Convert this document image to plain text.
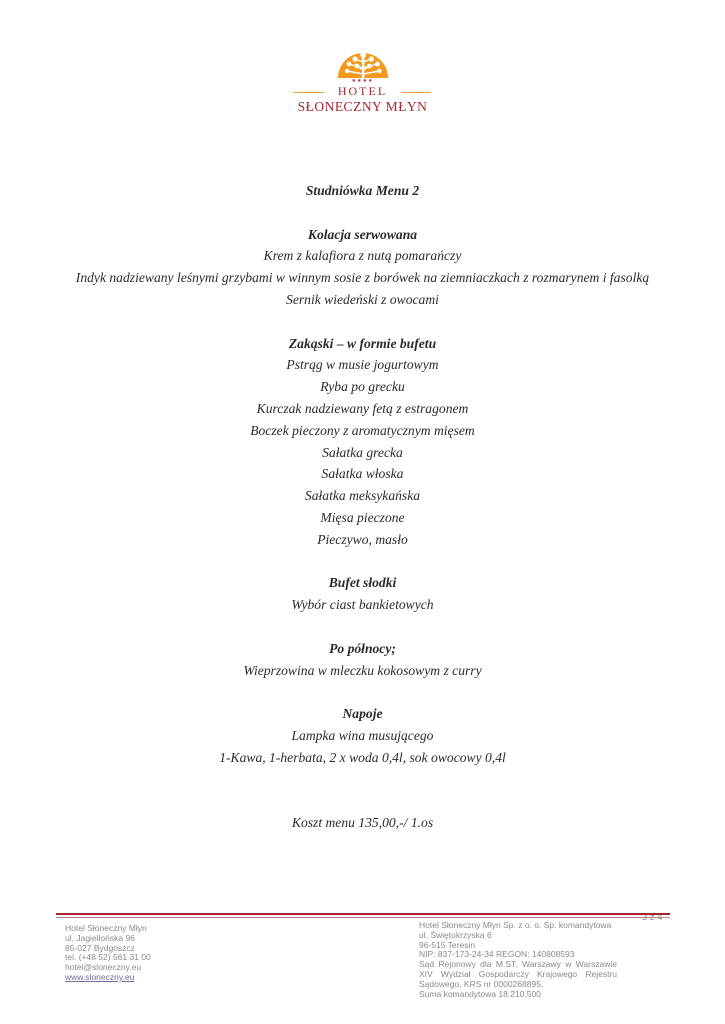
★★★★
HOTEL
SŁONECZNY MŁYN
Studniówka Menu 2
Kolacja serwowana
Krem z kalafiora z nutą pomarańczy
Indyk nadziewany leśnymi grzybami w winnym sosie z borówek na ziemniaczkach z rozmarynem i fasolką
Sernik wiedeński z owocami
Zakąski – w formie bufetu
Pstrąg w musie jogurtowym
Ryba po grecku
Kurczak nadziewany fetą z estragonem
Boczek pieczony z aromatycznym mięsem
Sałatka grecka
Sałatka włoska
Sałatka meksykańska
Mięsa pieczone
Pieczywo, masło
Bufet słodki
Wybór ciast bankietowych
Po północy;
Wieprzowina w mleczku kokosowym z curry
Napoje
Lampka wina musującego
1-Kawa, 1-herbata, 2 x woda 0,4l, sok owocowy 0,4l
Koszt menu 135,00,-/ 1.os
Hotel Słoneczny Młyn
ul. Jagiellońska 96
85-027 Bydgoszcz
tel. (+48 52) 561 31 00
hotel@sloneczny.eu
www.sloneczny.eu
Hotel Słoneczny Młyn Sp. z o. o. Sp. komandytowa
ul. Świętokrzyska 6
96-515 Teresin
NIP: 837-173-24-34 REGON: 140808593
Sąd Rejonowy dla M.ST. Warszawy w Warszawie
XIV Wydział Gospodarczy Krajowego Rejestru
Sądowego, KRS nr 0000268895,
Suma komandytowa 18.210.500
